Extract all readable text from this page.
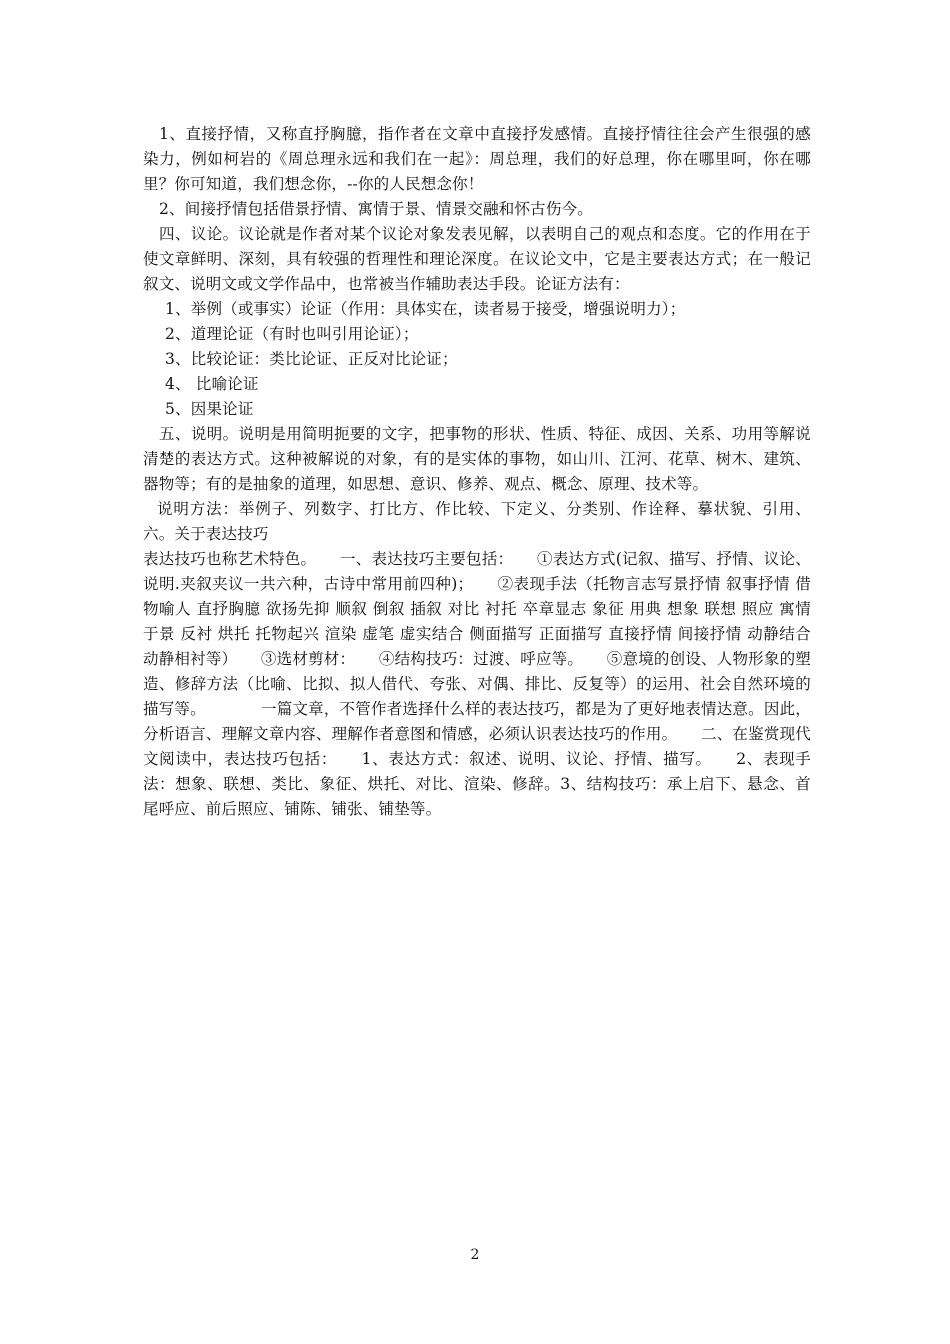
1、直接抒情，又称直抒胸臆，指作者在文章中直接抒发感情。直接抒情往往会产生很强的感染力，例如柯岩的《周总理永远和我们在一起》：周总理，我们的好总理，你在哪里呵，你在哪里？你可知道，我们想念你，--你的人民想念你！

2、间接抒情包括借景抒情、寓情于景、情景交融和怀古伤今。

四、议论。议论就是作者对某个议论对象发表见解，以表明自己的观点和态度。它的作用在于使文章鲜明、深刻，具有较强的哲理性和理论深度。在议论文中，它是主要表达方式；在一般记叙文、说明文或文学作品中，也常被当作辅助表达手段。论证方法有：

1、举例（或事实）论证（作用：具体实在，读者易于接受，增强说明力）；

2、道理论证（有时也叫引用论证）；

3、比较论证：类比论证、正反对比论证；

4、 比喻论证

5、因果论证

五、说明。说明是用简明扼要的文字，把事物的形状、性质、特征、成因、关系、功用等解说清楚的表达方式。这种被解说的对象，有的是实体的事物，如山川、江河、花草、树木、建筑、器物等；有的是抽象的道理，如思想、意识、修养、观点、概念、原理、技术等。

说明方法：举例子、列数字、打比方、作比较、下定义、分类别、作诠释、摹状貌、引用、六。关于表达技巧

表达技巧也称艺术特色。　　一、表达技巧主要包括：　　①表达方式(记叙、描写、抒情、议论、说明.夹叙夹议一共六种，古诗中常用前四种)；　　②表现手法（托物言志写景抒情 叙事抒情 借物喻人 直抒胸臆 欲扬先抑 顺叙 倒叙 插叙 对比 衬托 卒章显志 象征 用典 想象 联想 照应 寓情于景 反衬 烘托 托物起兴 渲染 虚笔 虚实结合 侧面描写 正面描写 直接抒情 间接抒情 动静结合动静相衬等）　　③选材剪材：　　④结构技巧：过渡、呼应等。　　⑤意境的创设、人物形象的塑造、修辞方法（比喻、比拟、拟人借代、夸张、对偶、排比、反复等）的运用、社会自然环境的描写等。　　　　一篇文章，不管作者选择什么样的表达技巧，都是为了更好地表情达意。因此，分析语言、理解文章内容、理解作者意图和情感，必须认识表达技巧的作用。　　二、在鉴赏现代文阅读中，表达技巧包括：　　1、表达方式：叙述、说明、议论、抒情、描写。　　2、表现手法：想象、联想、类比、象征、烘托、对比、渲染、修辞。3、结构技巧：承上启下、悬念、首尾呼应、前后照应、铺陈、铺张、铺垫等。

2
